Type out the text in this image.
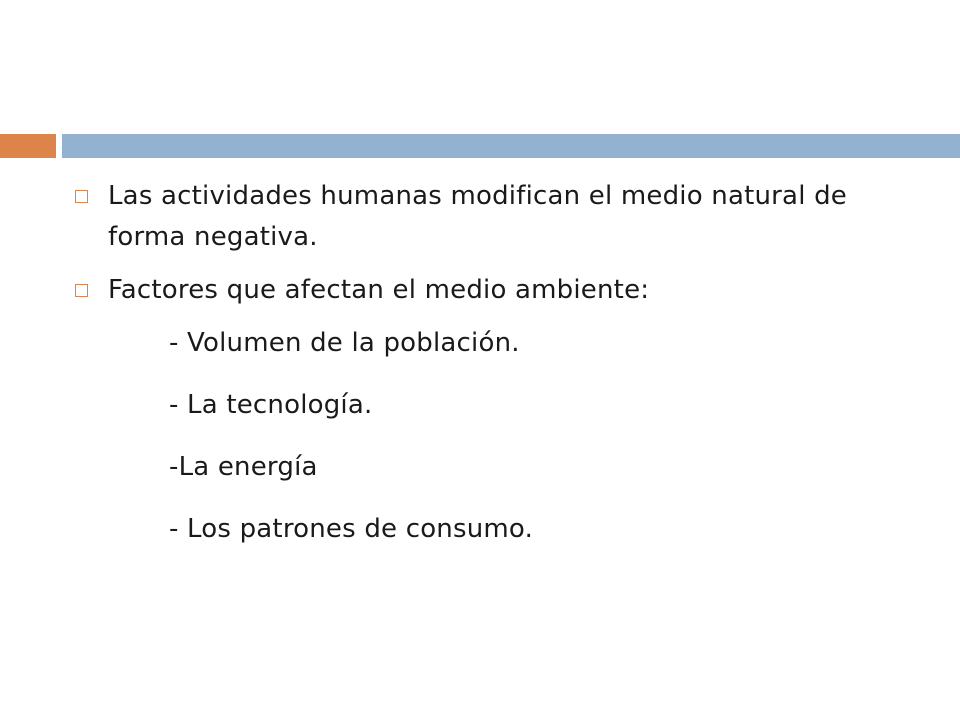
Las actividades humanas modifican el medio natural de forma negativa.
Factores que afectan el medio ambiente:
- Volumen de la población.
- La tecnología.
-La energía
- Los patrones de consumo.
